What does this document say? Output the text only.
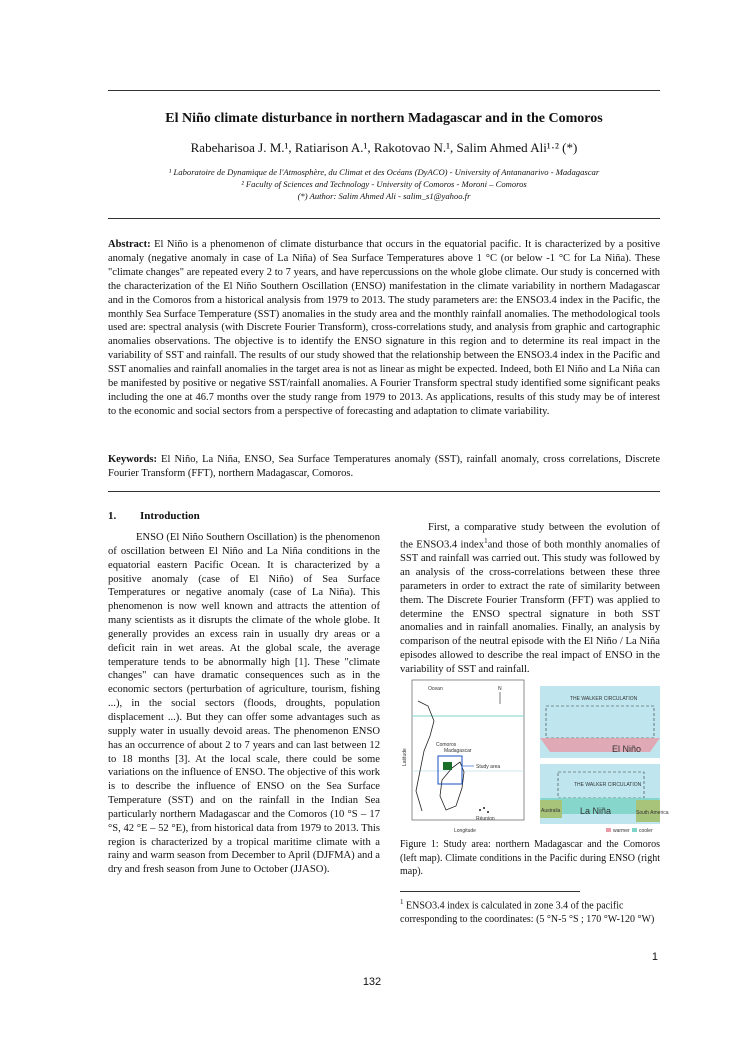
El Niño climate disturbance in northern Madagascar and in the Comoros
Rabeharisoa J. M.¹, Ratiarison A.¹, Rakotovao N.¹, Salim Ahmed Ali¹·² (*)
¹ Laboratoire de Dynamique de l'Atmosphère, du Climat et des Océans (DyACO) - University of Antananarivo - Madagascar
² Faculty of Sciences and Technology - University of Comoros - Moroni – Comoros
(*) Author: Salim Ahmed Ali - salim_s1@yahoo.fr

Abstract: El Niño is a phenomenon of climate disturbance that occurs in the equatorial pacific. It is characterized by a positive anomaly (negative anomaly in case of La Niña) of Sea Surface Temperatures above 1 °C (or below -1 °C for La Niña). These "climate changes" are repeated every 2 to 7 years, and have repercussions on the whole globe climate. Our study is concerned with the characterization of the El Niño Southern Oscillation (ENSO) manifestation in the climate variability in northern Madagascar and in the Comoros from a historical analysis from 1979 to 2013. The study parameters are: the ENSO3.4 index in the Pacific, the monthly Sea Surface Temperature (SST) anomalies in the study area and the monthly rainfall anomalies. The methodological tools used are: spectral analysis (with Discrete Fourier Transform), cross-correlations study, and analysis from graphic and cartographic anomalies observations. The objective is to identify the ENSO signature in this region and to determine its real impact in the variability of SST and rainfall. The results of our study showed that the relationship between the ENSO3.4 index in the Pacific and SST anomalies and rainfall anomalies in the target area is not as linear as might be expected. Indeed, both El Niño and La Niña can be manifested by positive or negative SST/rainfall anomalies. A Fourier Transform spectral study identified some significant peaks including the one at 46.7 months over the study range from 1979 to 2013. As applications, results of this study may be of interest to the economic and social sectors from a perspective of forecasting and adaptation to climate variability.

Keywords: El Niño, La Niña, ENSO, Sea Surface Temperatures anomaly (SST), rainfall anomaly, cross correlations, Discrete Fourier Transform (FFT), northern Madagascar, Comoros.

1. Introduction

ENSO (El Niño Southern Oscillation) is the phenomenon of oscillation between El Niño and La Niña conditions in the equatorial eastern Pacific Ocean. It is characterized by a positive anomaly (case of El Niño) of Sea Surface Temperatures or negative anomaly (case of La Niña). This phenomenon is now well known and attracts the attention of many scientists as it disrupts the climate of the whole globe. It generally provides an excess rain in usually dry areas or a deficit rain in wet areas. At the global scale, the average temperature tends to be abnormally high [1]. These "climate changes" can have dramatic consequences such as in the economic sectors (perturbation of agriculture, tourism, fishing ...), in the social sectors (floods, droughts, population displacement ...). But they can offer some advantages such as supply water in usually devoid areas. The phenomenon ENSO has an occurrence of about 2 to 7 years and can last between 12 to 18 months [3]. At the local scale, there could be some variations on the influence of ENSO. The objective of this work is to describe the influence of ENSO on the Sea Surface Temperature (SST) and on the rainfall in the Indian Sea particularly northern Madagascar and the Comoros (10 °S – 17 °S, 42 °E – 52 °E), from historical data from 1979 to 2013. This region is characterized by a tropical maritime climate with a rainy and warm season from December to April (DJFMA) and a dry and fresh season from June to October (JJASO).

First, a comparative study between the evolution of the ENSO3.4 index$^1$and those of both monthly anomalies of SST and rainfall was carried out. This study was followed by an analysis of the cross-correlations between these three parameters in order to extract the rate of similarity between them. The Discrete Fourier Transform (FFT) was applied to determine the ENSO spectral signature in both SST anomalies and in rainfall anomalies. Finally, an analysis by comparison of the neutral episode with the El Niño / La Niña episodes allowed to describe the real impact of ENSO in the variability of SST and rainfall.

Ocean	N
Study area
Comoros
Madagascar
Latitude
Longitude
Réunion
THE WALKER CIRCULATION
El Niño
THE WALKER CIRCULATION
La Niña
Australia	South America
warmer cooler

Figure 1: Study area: northern Madagascar and the Comoros (left map). Climate conditions in the Pacific during ENSO (right map).

$^1$ ENSO3.4 index is calculated in zone 3.4 of the pacific corresponding to the coordinates: (5 °N-5 °S ; 170 °W-120 °W)

1
132
